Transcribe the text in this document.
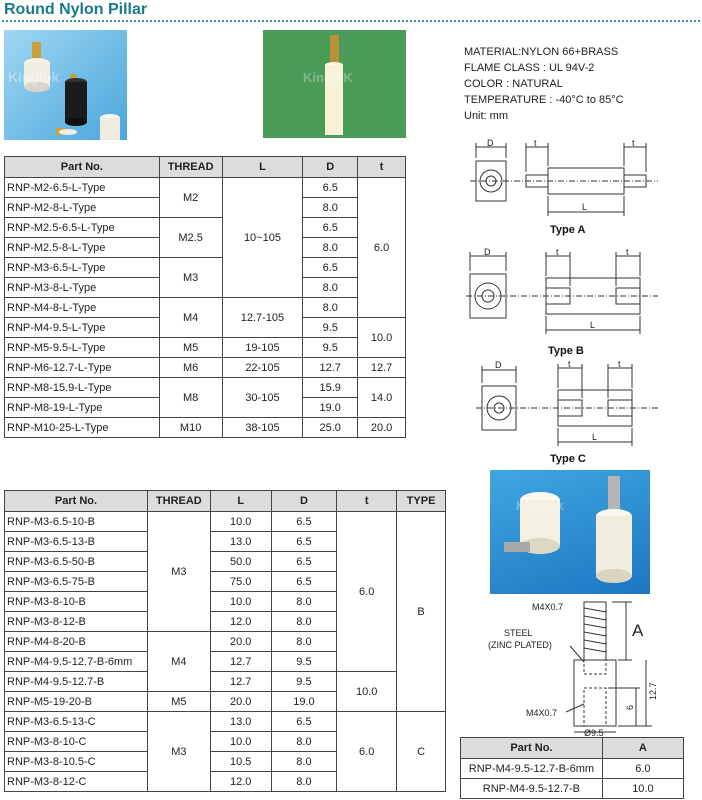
Round Nylon Pillar
Kinglok	KingloK
MATERIAL:NYLON 66+BRASS
FLAME CLASS : UL 94V-2
COLOR : NATURAL
TEMPERATURE : -40°C to 85°C
Unit: mm
Part No.	THREAD	L	D	t
RNP-M2-6.5-L-Type	M2	10~105	6.5	6.0
RNP-M2-8-L-Type			8.0	
RNP-M2.5-6.5-L-Type	M2.5		6.5	
RNP-M2.5-8-L-Type			8.0	
RNP-M3-6.5-L-Type	M3		6.5	
RNP-M3-8-L-Type			8.0	
RNP-M4-8-L-Type	M4	12.7-105	8.0	
RNP-M4-9.5-L-Type			9.5	10.0
RNP-M5-9.5-L-Type	M5	19-105	9.5	
RNP-M6-12.7-L-Type	M6	22-105	12.7	12.7
RNP-M8-15.9-L-Type	M8	30-105	15.9	14.0
RNP-M8-19-L-Type			19.0	
RNP-M10-25-L-Type	M10	38-105	25.0	20.0
Part No.	THREAD	L	D	t	TYPE
RNP-M3-6.5-10-B	M3	10.0	6.5	6.0	B
RNP-M3-6.5-13-B		13.0	6.5		
RNP-M3-6.5-50-B		50.0	6.5		
RNP-M3-6.5-75-B		75.0	6.5		
RNP-M3-8-10-B		10.0	8.0		
RNP-M3-8-12-B		12.0	8.0		
RNP-M4-8-20-B	M4	20.0	8.0		
RNP-M4-9.5-12.7-B-6mm		12.7	9.5		
RNP-M4-9.5-12.7-B		12.7	9.5	10.0	
RNP-M5-19-20-B	M5	20.0	19.0		
RNP-M3-6.5-13-C	M3	13.0	6.5	6.0	C
RNP-M3-8-10-C		10.0	8.0		
RNP-M3-8-10.5-C		10.5	8.0		
RNP-M3-8-12-C		12.0	8.0		
D	t	t
L
Type A
D	t	t
L
Type B
D	t	t
L
Type C
Kinglok
M4X0.7
STEEL
(ZINC PLATED)
M4X0.7
A
12.7
6
Ø9.5
Part No.	A
RNP-M4-9.5-12.7-B-6mm	6.0
RNP-M4-9.5-12.7-B	10.0
